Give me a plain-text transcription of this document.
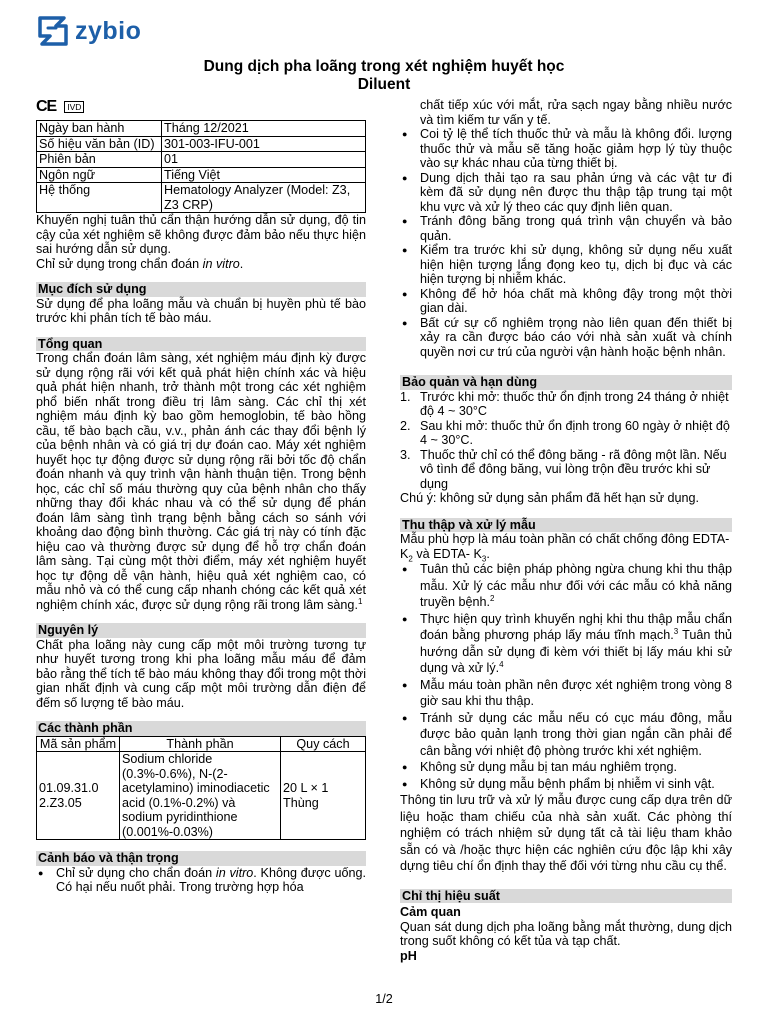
zybio
Dung dịch pha loãng trong xét nghiệm huyết học
Diluent
CE	IVD
Ngày ban hành	Tháng 12/2021
Số hiệu văn bản (ID)	301-003-IFU-001
Phiên bản	01
Ngôn ngữ	Tiếng Việt
Hệ thống	Hematology Analyzer (Model: Z3, Z3 CRP)

Khuyến nghị tuân thủ cẩn thận hướng dẫn sử dụng, độ tin cậy của xét nghiệm sẽ không được đảm bảo nếu thực hiện sai hướng dẫn sử dụng.

Chỉ sử dụng trong chẩn đoán in vitro.

Mục đích sử dụng

Sử dụng để pha loãng mẫu và chuẩn bị huyền phù tế bào trước khi phân tích tế bào máu.

Tổng quan

Trong chẩn đoán lâm sàng, xét nghiệm máu định kỳ được sử dụng rộng rãi với kết quả phát hiện chính xác và hiệu quả phát hiện nhanh, trở thành một trong các xét nghiệm phổ biến nhất trong điều trị lâm sàng. Các chỉ thị xét nghiệm máu định kỳ bao gồm hemoglobin, tế bào hồng cầu, tế bào bạch cầu, v.v., phản ánh các thay đổi bệnh lý của bệnh nhân và có giá trị dự đoán cao. Máy xét nghiệm huyết học tự động được sử dụng rộng rãi bởi tốc độ chẩn đoán nhanh và quy trình vận hành thuận tiện. Trong bệnh học, các chỉ số máu thường quy của bệnh nhân cho thấy những thay đổi khác nhau và có thể sử dụng để phán đoán lâm sàng tình trạng bệnh bằng cách so sánh với khoảng dao động bình thường. Các giá trị này có tính đặc hiệu cao và thường được sử dụng để hỗ trợ chẩn đoán lâm sàng. Tại cùng một thời điểm, máy xét nghiệm huyết học tự động dễ vận hành, hiệu quả xét nghiệm cao, có mẫu nhỏ và có thể cung cấp nhanh chóng các kết quả xét nghiệm chính xác, được sử dụng rộng rãi trong lâm sàng.$^1$

Nguyên lý

Chất pha loãng này cung cấp một môi trường tương tự như huyết tương trong khi pha loãng mẫu máu để đảm bảo rằng thể tích tế bào máu không thay đổi trong một thời gian nhất định và cung cấp một môi trường dẫn điện để đếm số lượng tế bào máu.

Các thành phần
Mã sản phẩm	Thành phần	Quy cách
01.09.31.0 2.Z3.05	Sodium chloride (0.3%-0.6%), N-(2-acetylamino) iminodiacetic acid (0.1%-0.2%) và sodium pyridinthione (0.001%-0.03%)	20 L × 1 Thùng
Cảnh báo và thận trọng
● Chỉ sử dụng cho chẩn đoán in vitro. Không được uống. Có hại nếu nuốt phải. Trong trường hợp hóa

chất tiếp xúc với mắt, rửa sạch ngay bằng nhiều nước và tìm kiếm tư vấn y tế.

● Coi tỷ lệ thể tích thuốc thử và mẫu là không đổi. lượng thuốc thử và mẫu sẽ tăng hoặc giảm hợp lý tùy thuộc vào sự khác nhau của từng thiết bị.
● Dung dịch thải tạo ra sau phản ứng và các vật tư đi kèm đã sử dụng nên được thu thập tập trung tại một khu vực và xử lý theo các quy định liên quan.
● Tránh đông băng trong quá trình vận chuyển và bảo quản.
● Kiểm tra trước khi sử dụng, không sử dụng nếu xuất hiện hiện tượng lắng đọng keo tụ, dịch bị đục và các hiện tượng bị nhiễm khác.
● Không để hở hóa chất mà không đậy trong một thời gian dài.
● Bất cứ sự cố nghiêm trọng nào liên quan đến thiết bị xảy ra cần được báo cáo với nhà sản xuất và chính quyền nơi cư trú của người vận hành hoặc bệnh nhân.
Bảo quản và hạn dùng
1. Trước khi mở: thuốc thử ổn định trong 24 tháng ở nhiệt độ 4 ~ 30°C
2. Sau khi mở: thuốc thử ổn định trong 60 ngày ở nhiệt độ 4 ~ 30°C.
3. Thuốc thử chỉ có thể đông băng - rã đông một lần. Nếu vô tình để đông băng, vui lòng trộn đều trước khi sử dụng

Chú ý: không sử dụng sản phẩm đã hết hạn sử dụng.

Thu thập và xử lý mẫu

Mẫu phù hợp là máu toàn phần có chất chống đông EDTA- $K_2$ và EDTA- $K_3$.

● Tuân thủ các biện pháp phòng ngừa chung khi thu thập mẫu. Xử lý các mẫu như đối với các mẫu có khả năng truyền bệnh.$^2$
● Thực hiện quy trình khuyến nghị khi thu thập mẫu chẩn đoán bằng phương pháp lấy máu tĩnh mạch.$^3$ Tuân thủ hướng dẫn sử dụng đi kèm với thiết bị lấy máu khi sử dụng và xử lý.$^4$
● Mẫu máu toàn phần nên được xét nghiệm trong vòng 8 giờ sau khi thu thập.
● Tránh sử dụng các mẫu nếu có cục máu đông, mẫu được bảo quản lạnh trong thời gian ngắn cần phải để cân bằng với nhiệt độ phòng trước khi xét nghiệm.
● Không sử dụng mẫu bị tan máu nghiêm trọng.
● Không sử dụng mẫu bệnh phẩm bị nhiễm vi sinh vật.

Thông tin lưu trữ và xử lý mẫu được cung cấp dựa trên dữ liệu hoặc tham chiếu của nhà sản xuất. Các phòng thí nghiệm có trách nhiệm sử dụng tất cả tài liệu tham khảo sẵn có và /hoặc thực hiện các nghiên cứu độc lập khi xây dựng tiêu chí ổn định thay thế đối với từng nhu cầu cụ thể.

Chỉ thị hiệu suất
Cảm quan

Quan sát dung dịch pha loãng bằng mắt thường, dung dịch trong suốt không có kết tủa và tạp chất.

pH
1/2
